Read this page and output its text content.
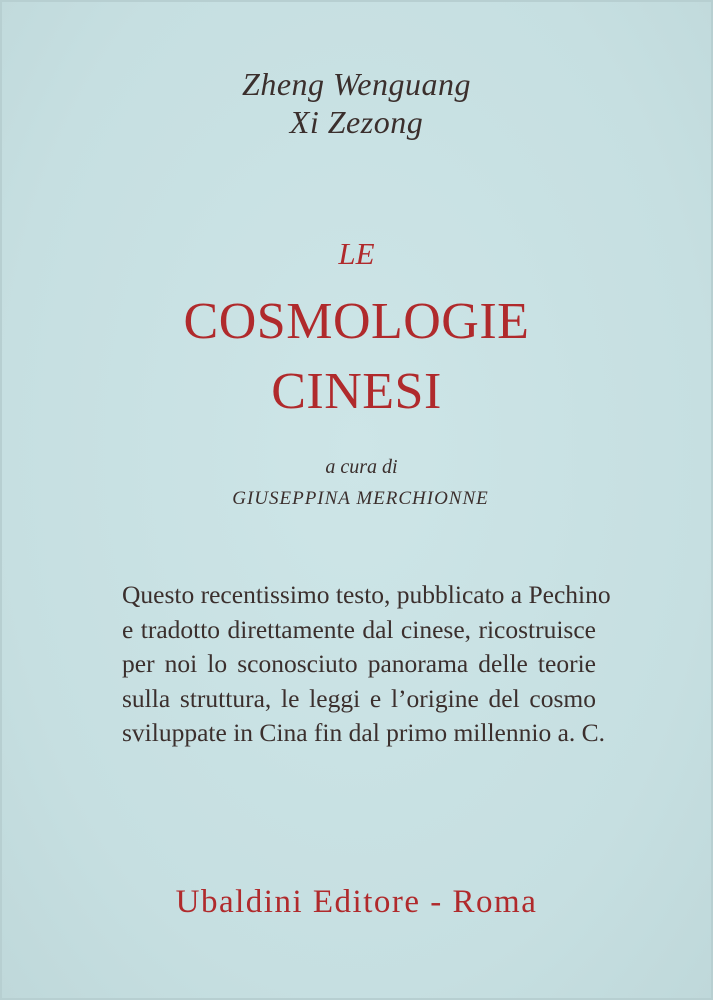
Zheng Wenguang
Xi Zezong
LE
COSMOLOGIE
CINESI
a cura di
GIUSEPPINA MERCHIONNE
Questo recentissimo testo, pubblicato a Pechino
e tradotto direttamente dal cinese, ricostruisce
per noi lo sconosciuto panorama delle teorie
sulla struttura, le leggi e l’origine del cosmo
sviluppate in Cina fin dal primo millennio a. C.
Ubaldini Editore - Roma
